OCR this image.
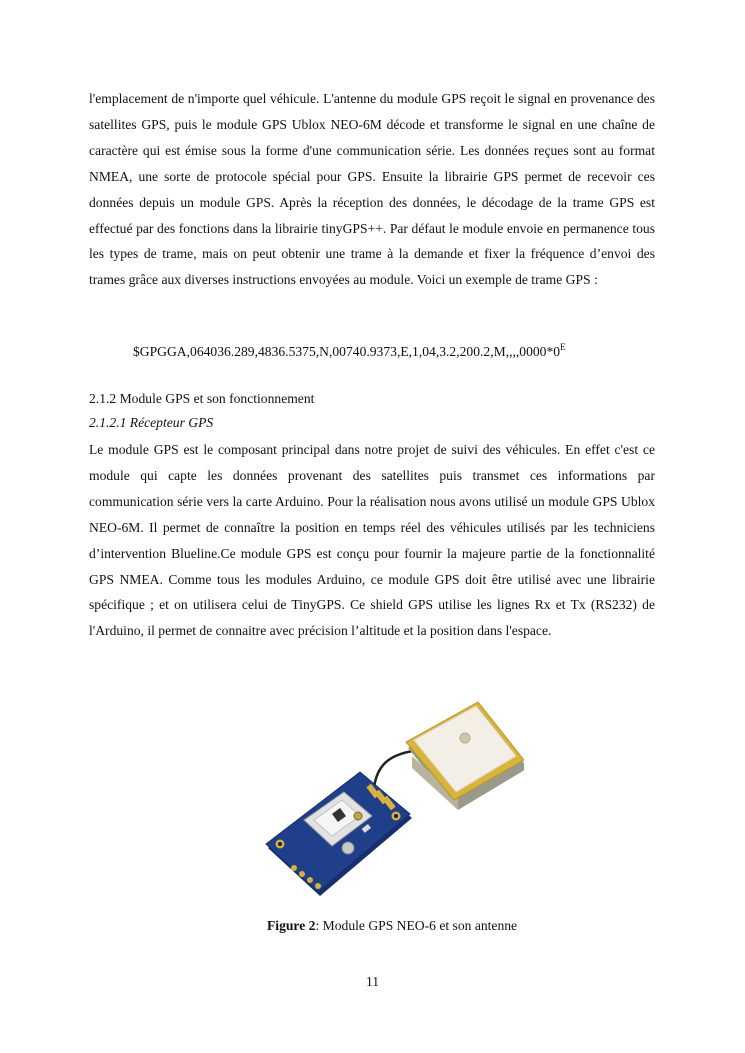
l'emplacement de n'importe quel véhicule. L'antenne du module GPS reçoit le signal en provenance des satellites GPS, puis le module GPS Ublox NEO-6M décode et transforme le signal en une chaîne de caractère qui est émise sous la forme d'une communication série. Les données reçues sont au format NMEA, une sorte de protocole spécial pour GPS. Ensuite la librairie GPS permet de recevoir ces données depuis un module GPS. Après la réception des données, le décodage de la trame GPS est effectué par des fonctions dans la librairie tinyGPS++. Par défaut le module envoie en permanence tous les types de trame, mais on peut obtenir une trame à la demande et fixer la fréquence d’envoi des trames grâce aux diverses instructions envoyées au module. Voici un exemple de trame GPS :

$\$GPGGA,064036.289,4836.5375,N,00740.9373,E,1,04,3.2,200.2,M,,,,0000*0^E$

2.1.2 Module GPS et son fonctionnement

2.1.2.1 Récepteur GPS

Le module GPS est le composant principal dans notre projet de suivi des véhicules. En effet c'est ce module qui capte les données provenant des satellites puis transmet ces informations par communication série vers la carte Arduino. Pour la réalisation nous avons utilisé un module GPS Ublox NEO-6M. Il permet de connaître la position en temps réel des véhicules utilisés par les techniciens d’intervention Blueline.Ce module GPS est conçu pour fournir la majeure partie de la fonctionnalité GPS NMEA. Comme tous les modules Arduino, ce module GPS doit être utilisé avec une librairie spécifique ; et on utilisera celui de TinyGPS. Ce shield GPS utilise les lignes Rx et Tx (RS232) de l'Arduino, il permet de connaitre avec précision l’altitude et la position dans l'espace.

Figure 2: Module GPS NEO-6 et son antenne
11
